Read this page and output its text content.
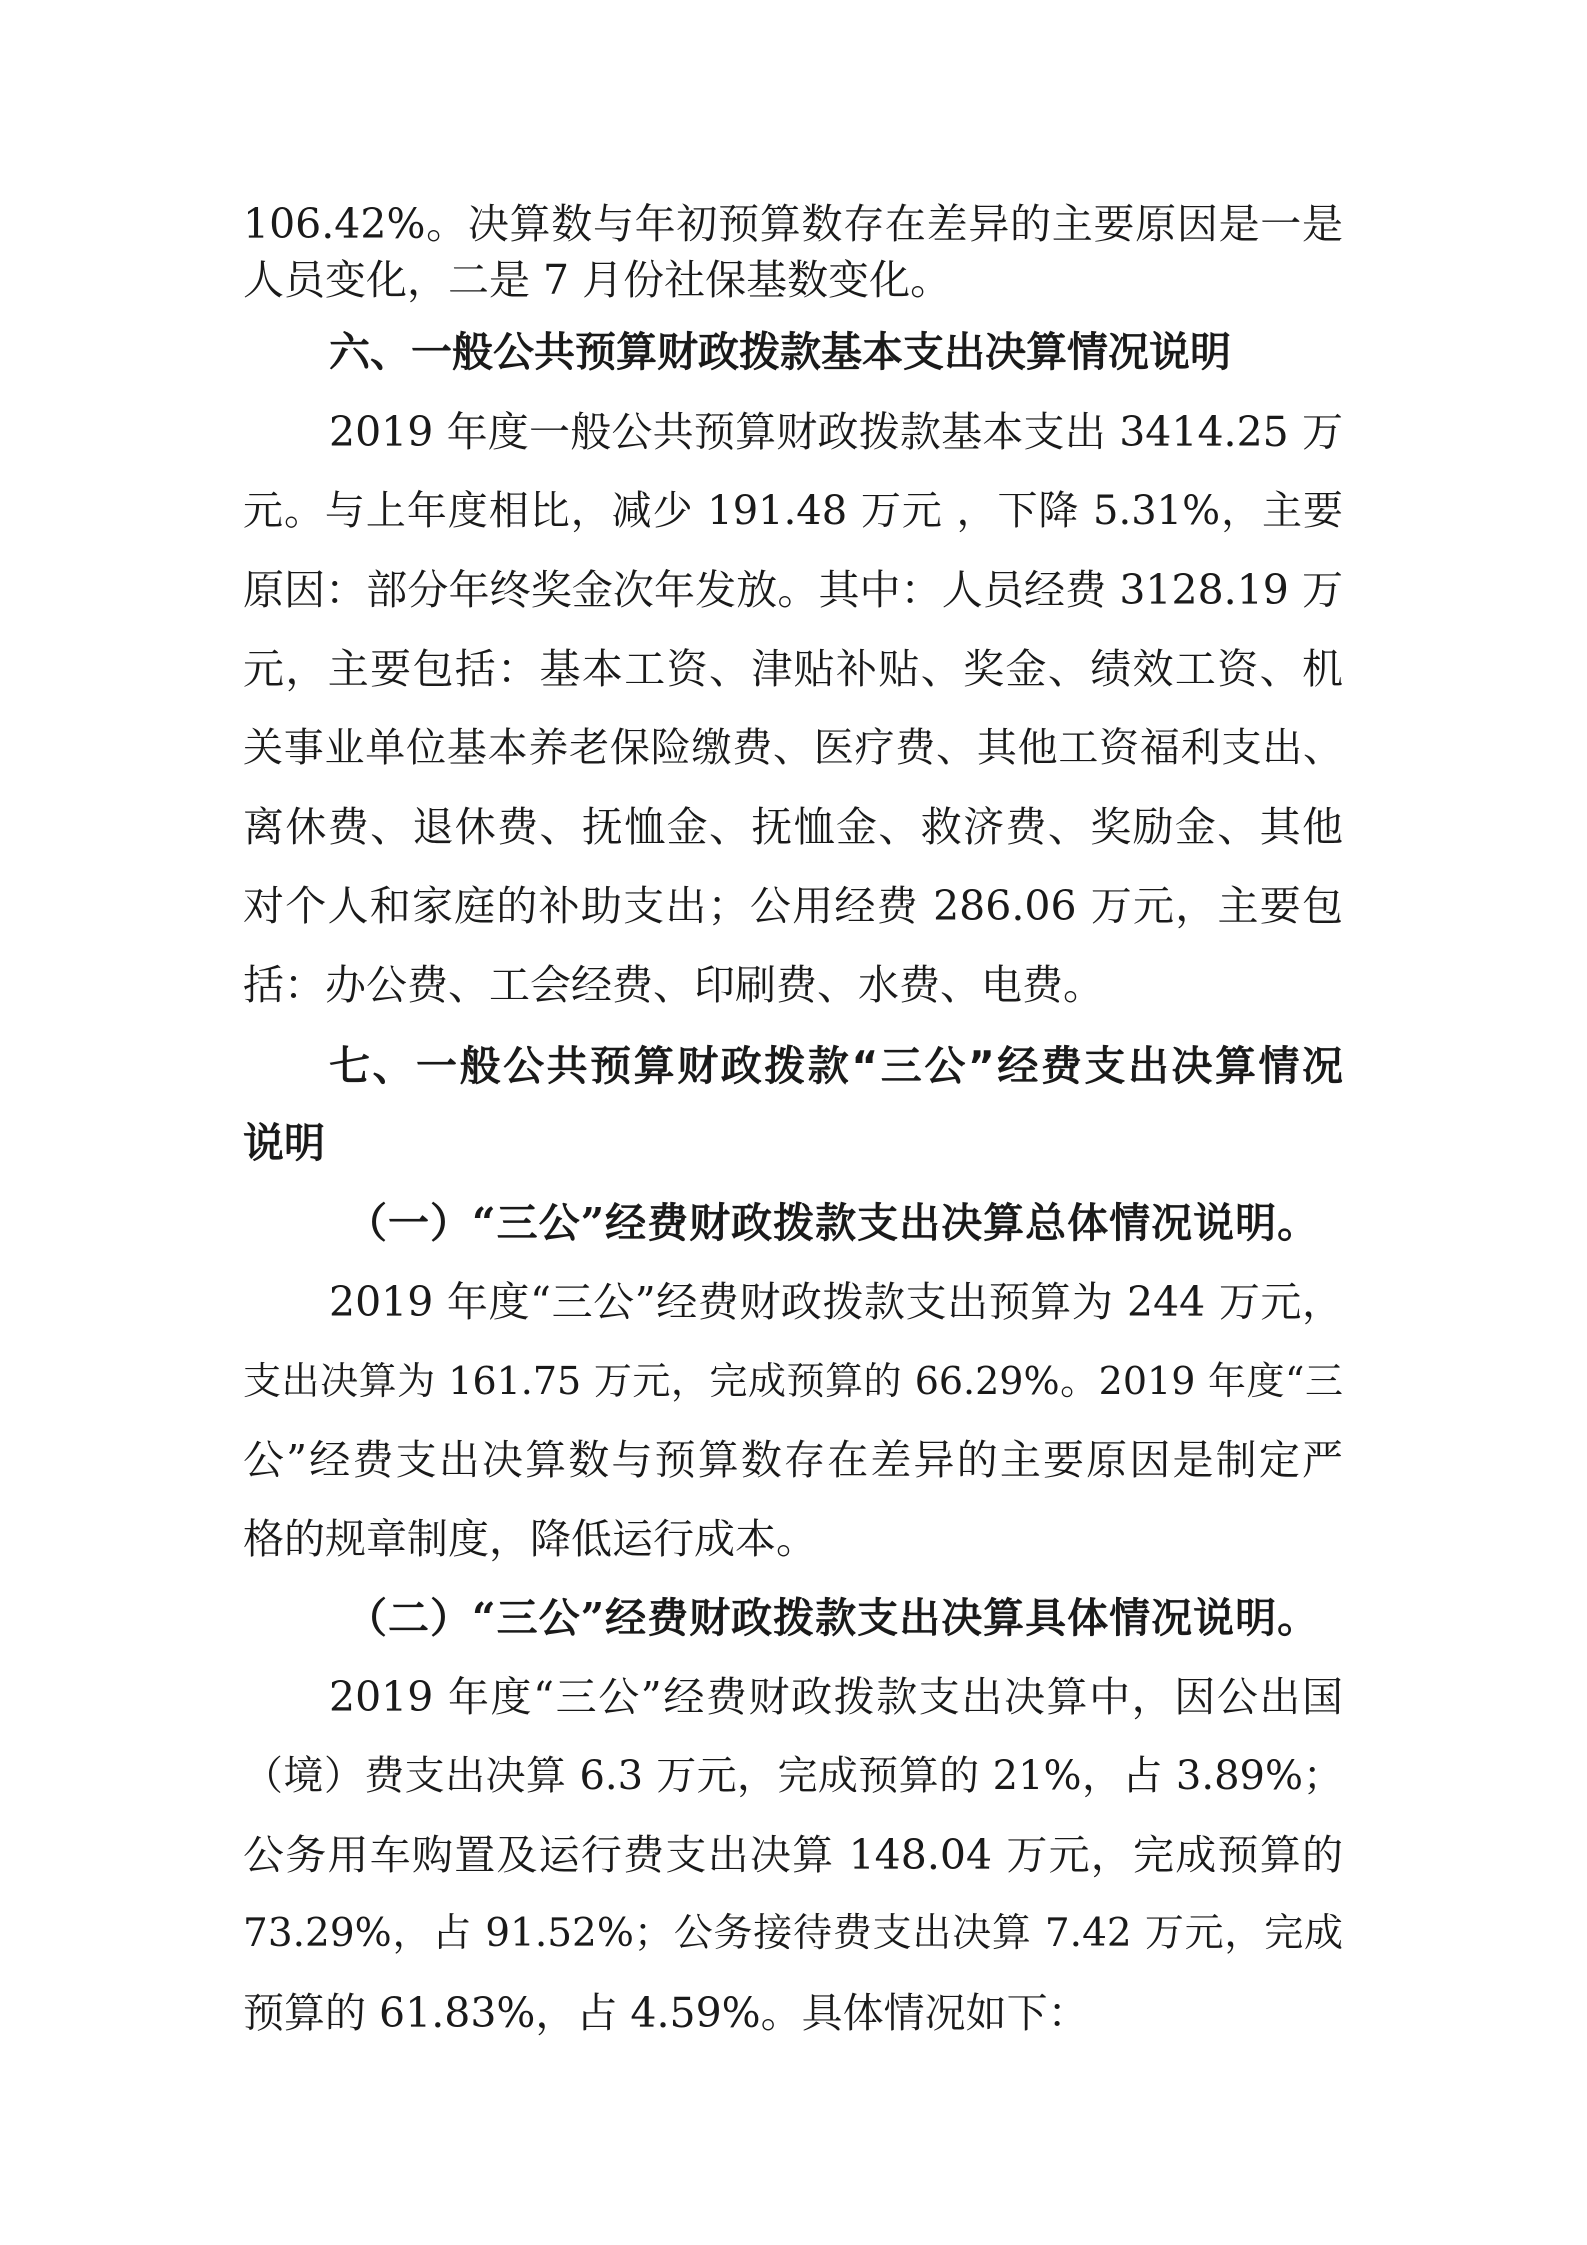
106.42%。决算数与年初预算数存在差异的主要原因是一是
人员变化，二是 7 月份社保基数变化。
六、一般公共预算财政拨款基本支出决算情况说明
2019 年度一般公共预算财政拨款基本支出 3414.25 万
元。与上年度相比，减少 191.48 万元 ，下降 5.31%，主要
原因：部分年终奖金次年发放。其中：人员经费 3128.19 万
元，主要包括：基本工资、津贴补贴、奖金、绩效工资、机
关事业单位基本养老保险缴费、医疗费、其他工资福利支出、
离休费、退休费、抚恤金、抚恤金、救济费、奖励金、其他
对个人和家庭的补助支出；公用经费 286.06 万元，主要包
括：办公费、工会经费、印刷费、水费、电费。
七、一般公共预算财政拨款“三公”经费支出决算情况
说明
（一）“三公”经费财政拨款支出决算总体情况说明。
2019 年度“三公”经费财政拨款支出预算为 244 万元，
支出决算为 161.75 万元，完成预算的 66.29%。2019 年度“三
公”经费支出决算数与预算数存在差异的主要原因是制定严
格的规章制度，降低运行成本。
（二）“三公”经费财政拨款支出决算具体情况说明。
2019 年度“三公”经费财政拨款支出决算中，因公出国
（境）费支出决算 6.3 万元，完成预算的 21%，占 3.89%；
公务用车购置及运行费支出决算 148.04 万元，完成预算的
73.29%，占 91.52%；公务接待费支出决算 7.42 万元，完成
预算的 61.83%，占 4.59%。具体情况如下：
